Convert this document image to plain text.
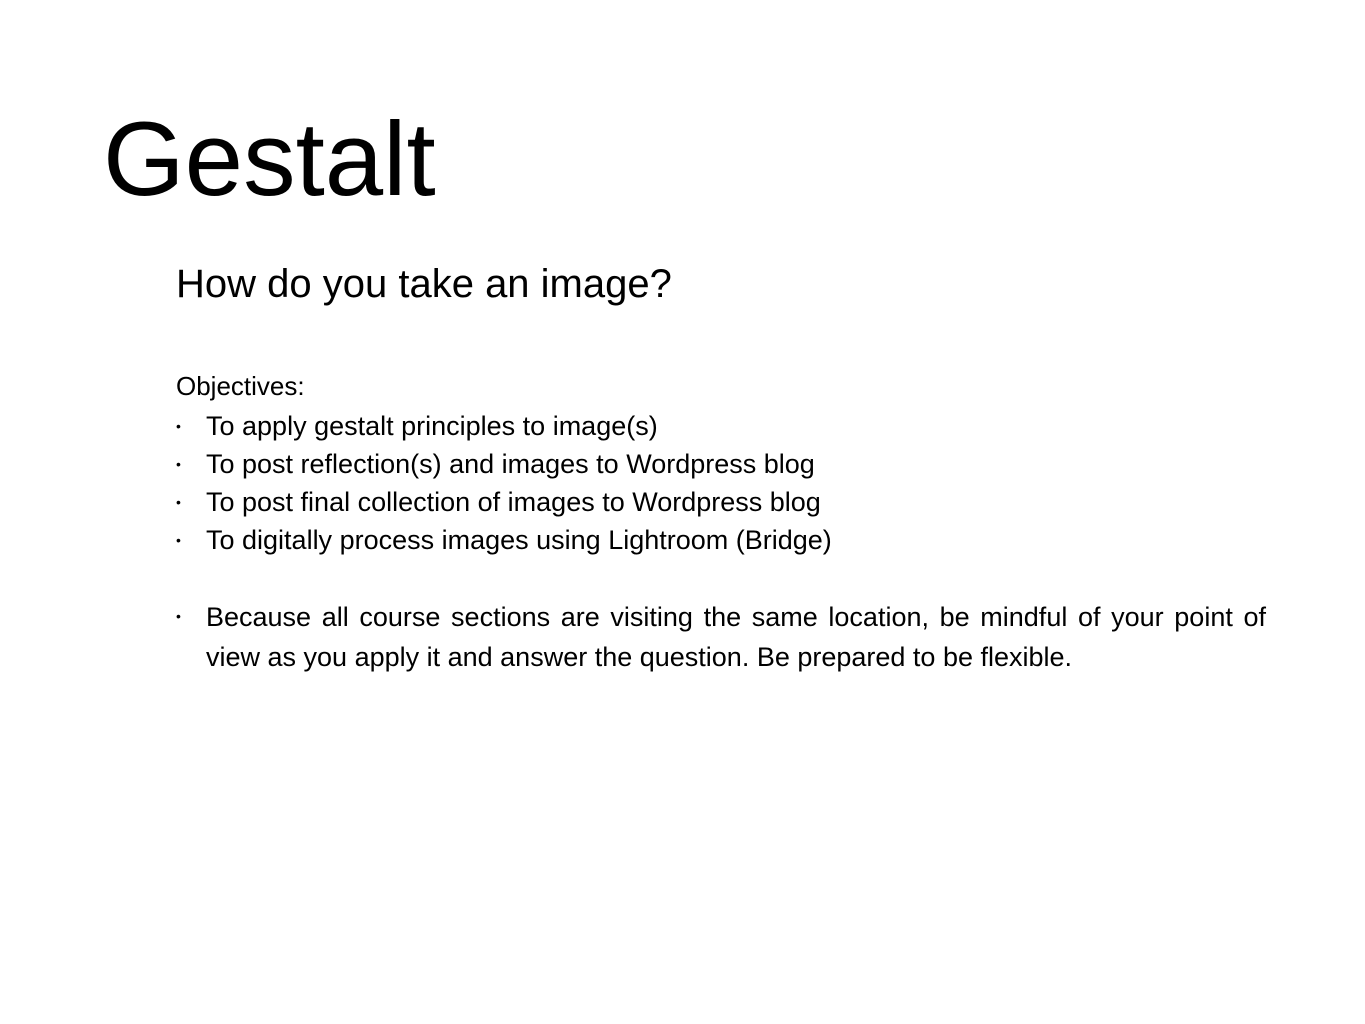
Gestalt
How do you take an image?
Objectives:
• To apply gestalt principles to image(s)
• To post reflection(s) and images to Wordpress blog
• To post final collection of images to Wordpress blog
• To digitally process images using Lightroom (Bridge)
• Because all course sections are visiting the same location, be mindful of your point of view as you apply it and answer the question. Be prepared to be flexible.
